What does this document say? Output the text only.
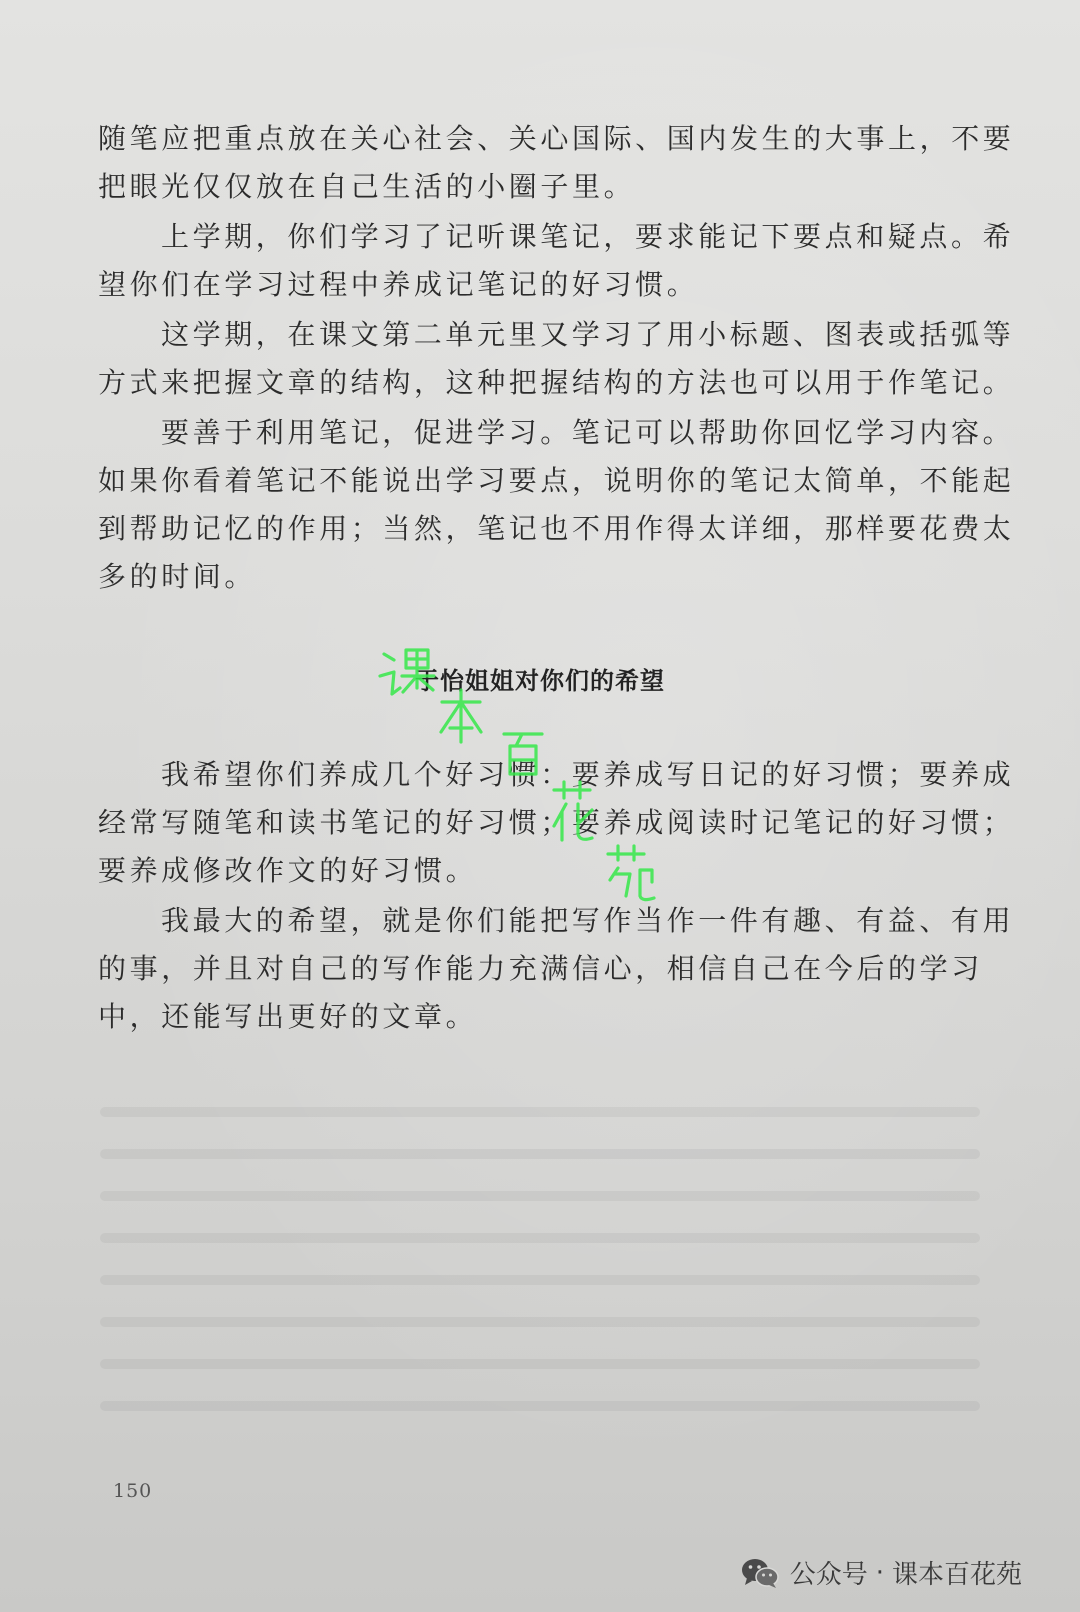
随笔应把重点放在关心社会、关心国际、国内发生的大事上，不要把眼光仅仅放在自己生活的小圈子里。

上学期，你们学习了记听课笔记，要求能记下要点和疑点。希望你们在学习过程中养成记笔记的好习惯。

这学期，在课文第二单元里又学习了用小标题、图表或括弧等方式来把握文章的结构，这种把握结构的方法也可以用于作笔记。

要善于利用笔记，促进学习。笔记可以帮助你回忆学习内容。如果你看着笔记不能说出学习要点，说明你的笔记太简单，不能起到帮助记忆的作用；当然，笔记也不用作得太详细，那样要花费太多的时间。

于怡姐姐对你们的希望

我希望你们养成几个好习惯：要养成写日记的好习惯；要养成经常写随笔和读书笔记的好习惯；要养成阅读时记笔记的好习惯；要养成修改作文的好习惯。

我最大的希望，就是你们能把写作当作一件有趣、有益、有用的事，并且对自己的写作能力充满信心，相信自己在今后的学习中，还能写出更好的文章。

150
公众号 · 课本百花苑
